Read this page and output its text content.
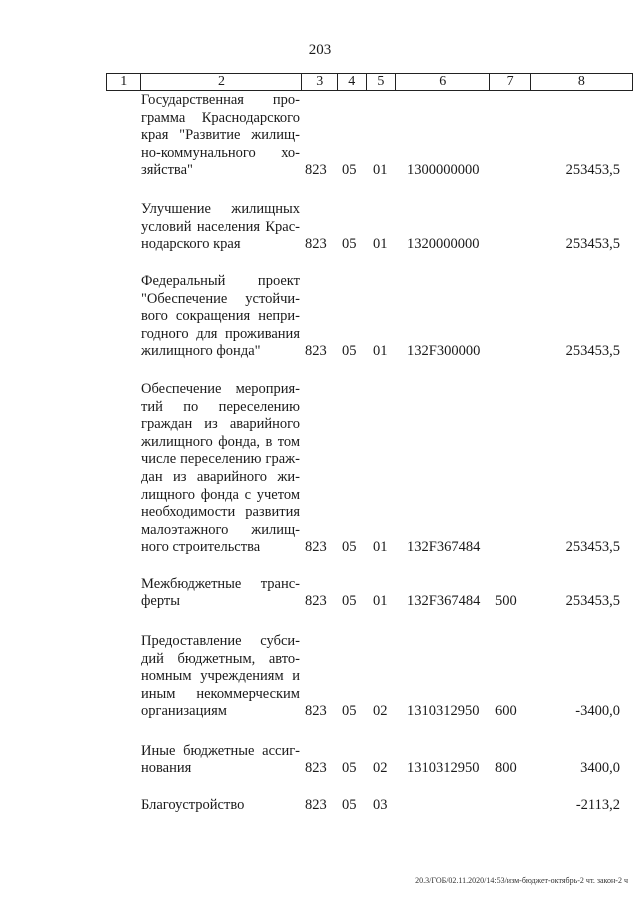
203
1	2	3	4	5	6	7	8
Государственная про-
грамма Краснодарского
края "Развитие жилищ-
но-коммунального хо-
зяйства"	823 05 01 1300000000	253453,5
Улучшение жилищных
условий населения Крас-
нодарского края	823 05 01 1320000000	253453,5
Федеральный проект
"Обеспечение устойчи-
вого сокращения непри-
годного для проживания
жилищного фонда"	823 05 01 132F300000	253453,5
Обеспечение мероприя-
тий по переселению
граждан из аварийного
жилищного фонда, в том
числе переселению граж-
дан из аварийного жи-
лищного фонда с учетом
необходимости развития
малоэтажного жилищ-
ного строительства	823 05 01 132F367484	253453,5
Межбюджетные транс-
ферты	823 05 01 132F367484 500	253453,5
Предоставление субси-
дий бюджетным, авто-
номным учреждениям и
иным некоммерческим
организациям	823 05 02 1310312950 600	-3400,0
Иные бюджетные ассиг-
нования	823 05 02 1310312950 800	3400,0
Благоустройство	823 05 03	-2113,2
20.3/ГОБ/02.11.2020/14:53/изм-бюджет-октябрь-2 чт. закон-2 ч
